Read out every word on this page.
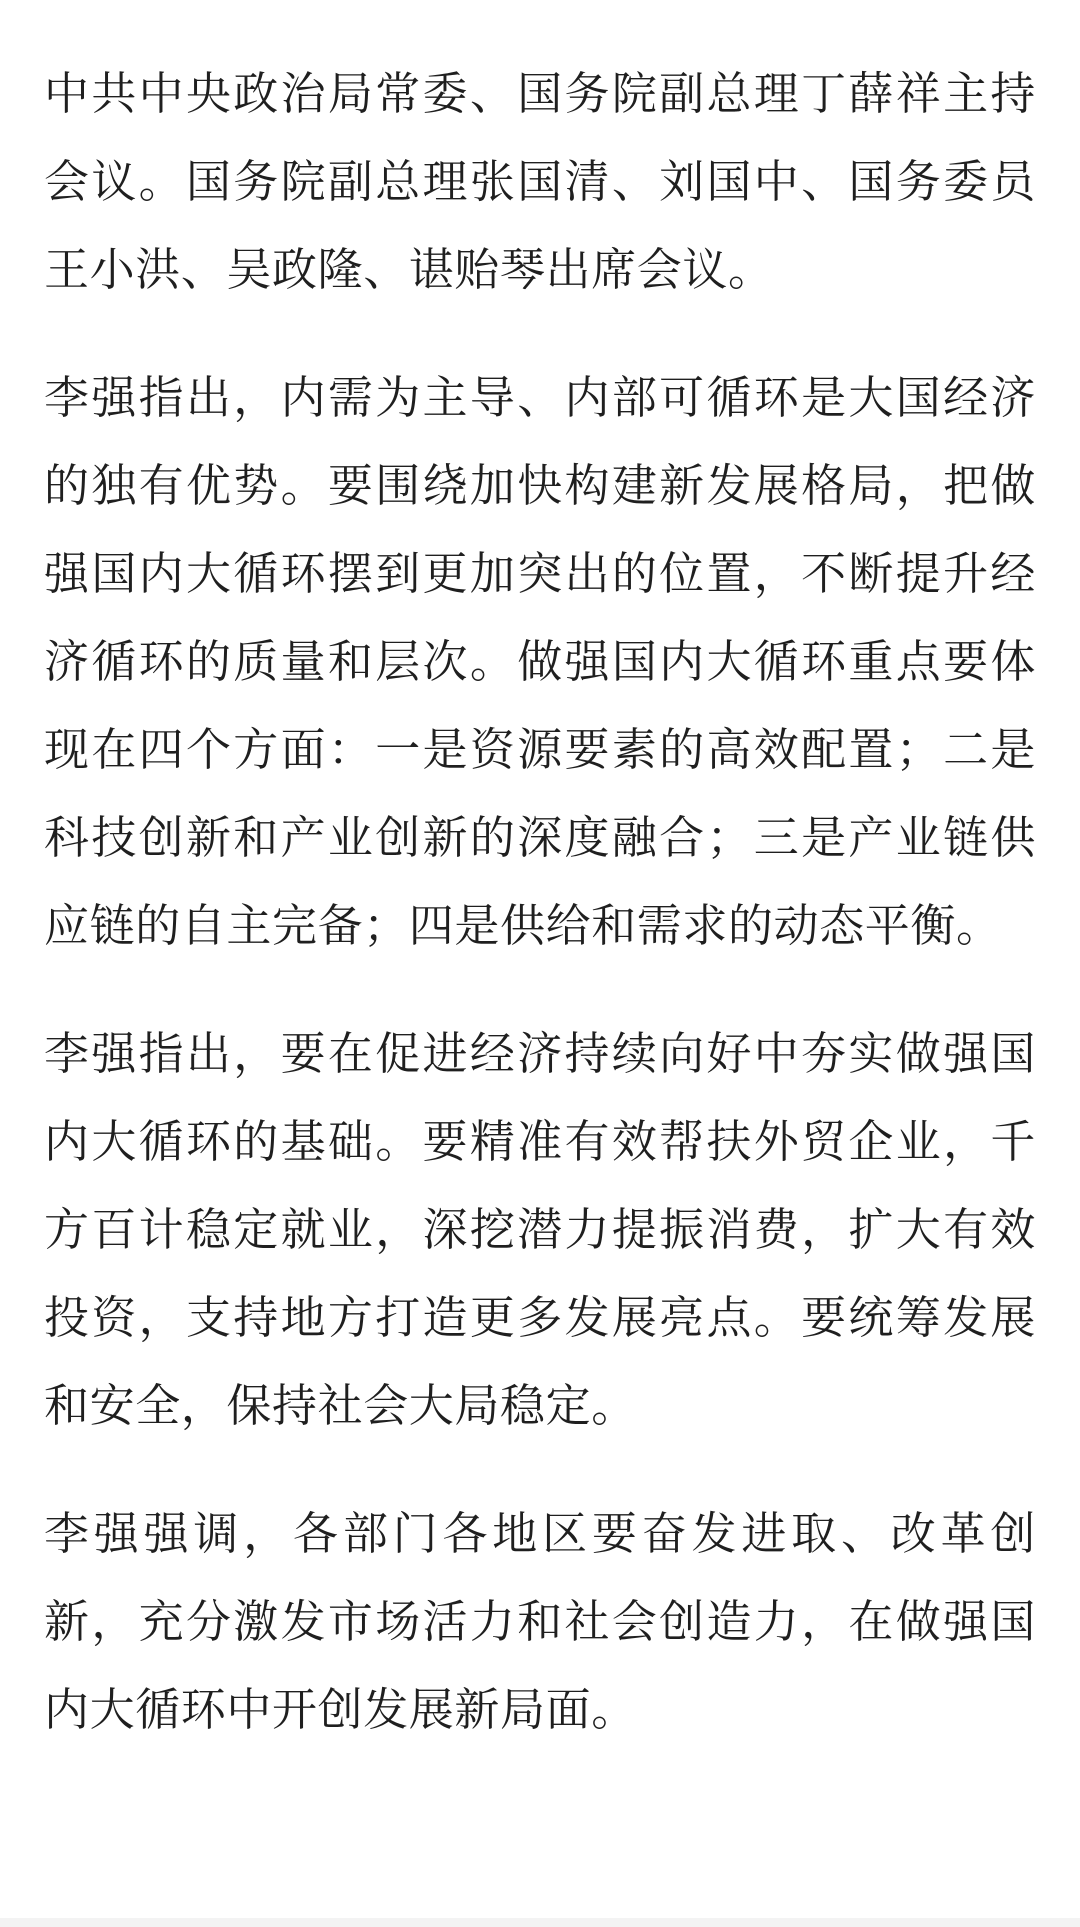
中共中央政治局常委、国务院副总理丁薛祥主持会议。国务院副总理张国清、刘国中、国务委员王小洪、吴政隆、谌贻琴出席会议。

李强指出，内需为主导、内部可循环是大国经济的独有优势。要围绕加快构建新发展格局，把做强国内大循环摆到更加突出的位置，不断提升经济循环的质量和层次。做强国内大循环重点要体现在四个方面：一是资源要素的高效配置；二是科技创新和产业创新的深度融合；三是产业链供应链的自主完备；四是供给和需求的动态平衡。

李强指出，要在促进经济持续向好中夯实做强国内大循环的基础。要精准有效帮扶外贸企业，千方百计稳定就业，深挖潜力提振消费，扩大有效投资，支持地方打造更多发展亮点。要统筹发展和安全，保持社会大局稳定。

李强强调，各部门各地区要奋发进取、改革创新，充分激发市场活力和社会创造力，在做强国内大循环中开创发展新局面。
